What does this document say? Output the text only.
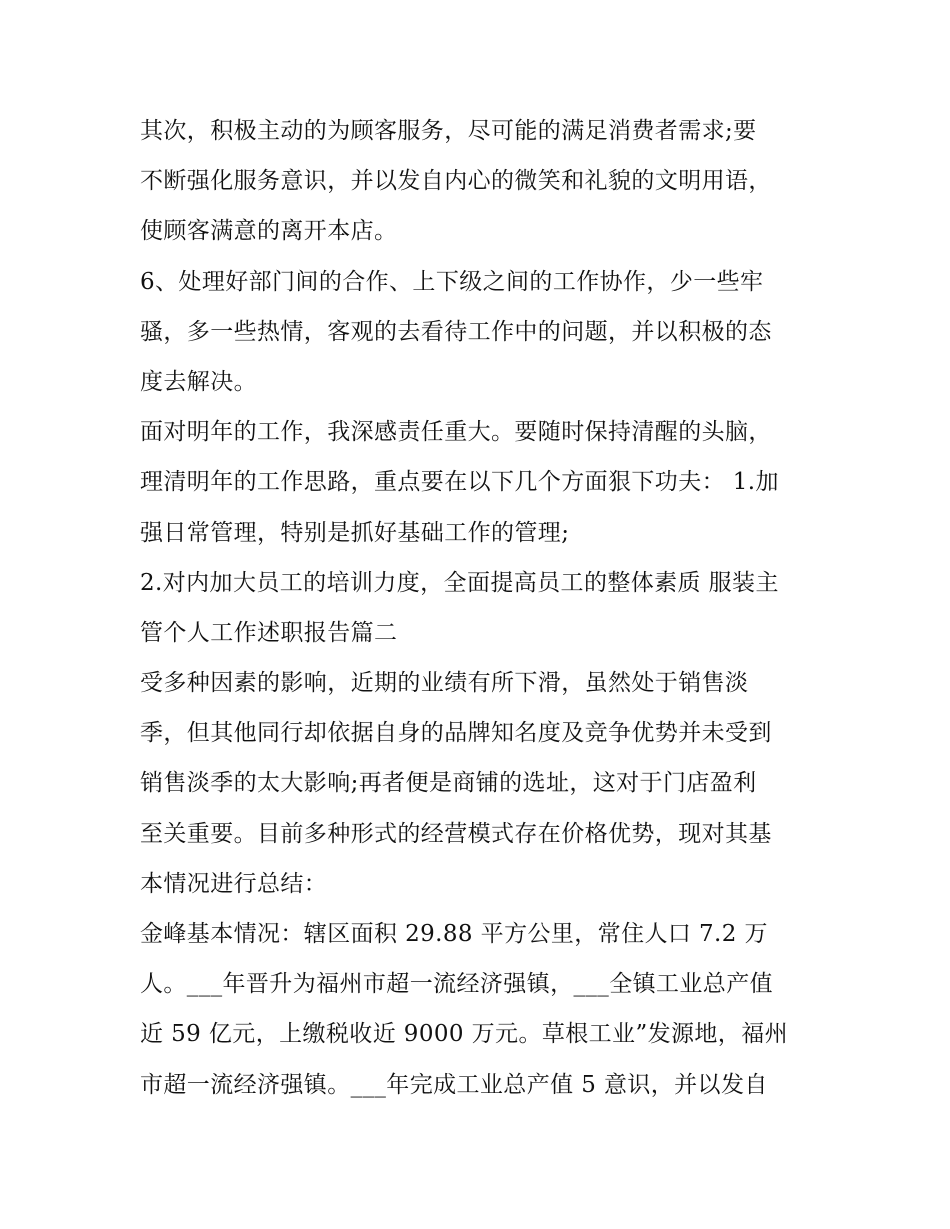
其次，积极主动的为顾客服务，尽可能的满足消费者需求;要
不断强化服务意识，并以发自内心的微笑和礼貌的文明用语，
使顾客满意的离开本店。
6、处理好部门间的合作、上下级之间的工作协作，少一些牢
骚，多一些热情，客观的去看待工作中的问题，并以积极的态
度去解决。
面对明年的工作，我深感责任重大。要随时保持清醒的头脑，
理清明年的工作思路，重点要在以下几个方面狠下功夫： 1.加
强日常管理，特别是抓好基础工作的管理;
2.对内加大员工的培训力度，全面提高员工的整体素质 服装主
管个人工作述职报告篇二
受多种因素的影响，近期的业绩有所下滑，虽然处于销售淡
季，但其他同行却依据自身的品牌知名度及竞争优势并未受到
销售淡季的太大影响;再者便是商铺的选址，这对于门店盈利
至关重要。目前多种形式的经营模式存在价格优势，现对其基
本情况进行总结：
金峰基本情况：辖区面积 29.88 平方公里，常住人口 7.2 万
人。___年晋升为福州市超一流经济强镇，___全镇工业总产值
近 59 亿元，上缴税收近 9000 万元。草根工业”发源地，福州
市超一流经济强镇。___年完成工业总产值 5 意识，并以发自
